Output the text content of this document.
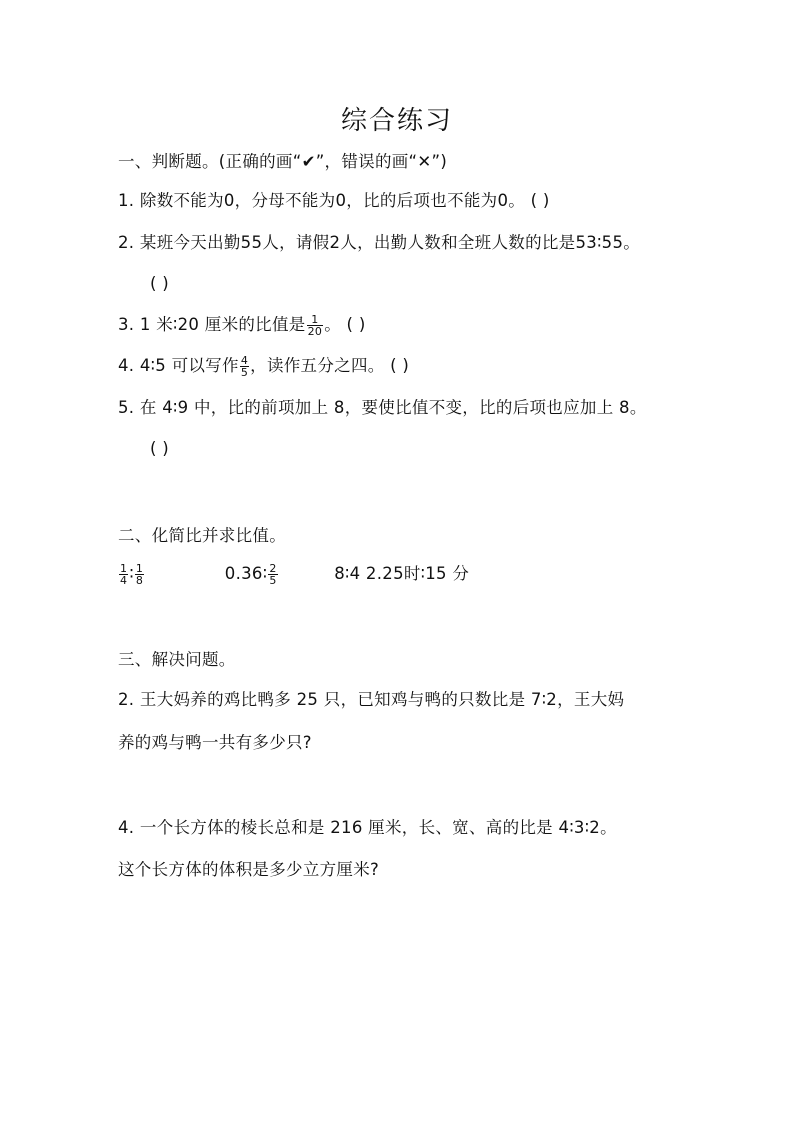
综合练习
一、判断题。(正确的画“✔”，错误的画“✕”)
1. 除数不能为0，分母不能为0，比的后项也不能为0。 ( )
2. 某班今天出勤55人，请假2人，出勤人数和全班人数的比是53∶55。
( )
3. 1 米∶20 厘米的比值是 $\frac{1}{20}$ 。 ( )
4. 4∶5 可以写作 $\frac{4}{5}$ ，读作五分之四。 ( )
5. 在 4∶9 中，比的前项加上 8，要使比值不变，比的后项也应加上 8。
( )
二、化简比并求比值。
$\frac{1}{4}$ ∶ $\frac{1}{8}$	0.36∶ $\frac{2}{5}$	8∶4 2.25时∶15 分
三、解决问题。
2. 王大妈养的鸡比鸭多 25 只，已知鸡与鸭的只数比是 7∶2，王大妈
养的鸡与鸭一共有多少只?
4. 一个长方体的棱长总和是 216 厘米，长、宽、高的比是 4∶3∶2。
这个长方体的体积是多少立方厘米?
